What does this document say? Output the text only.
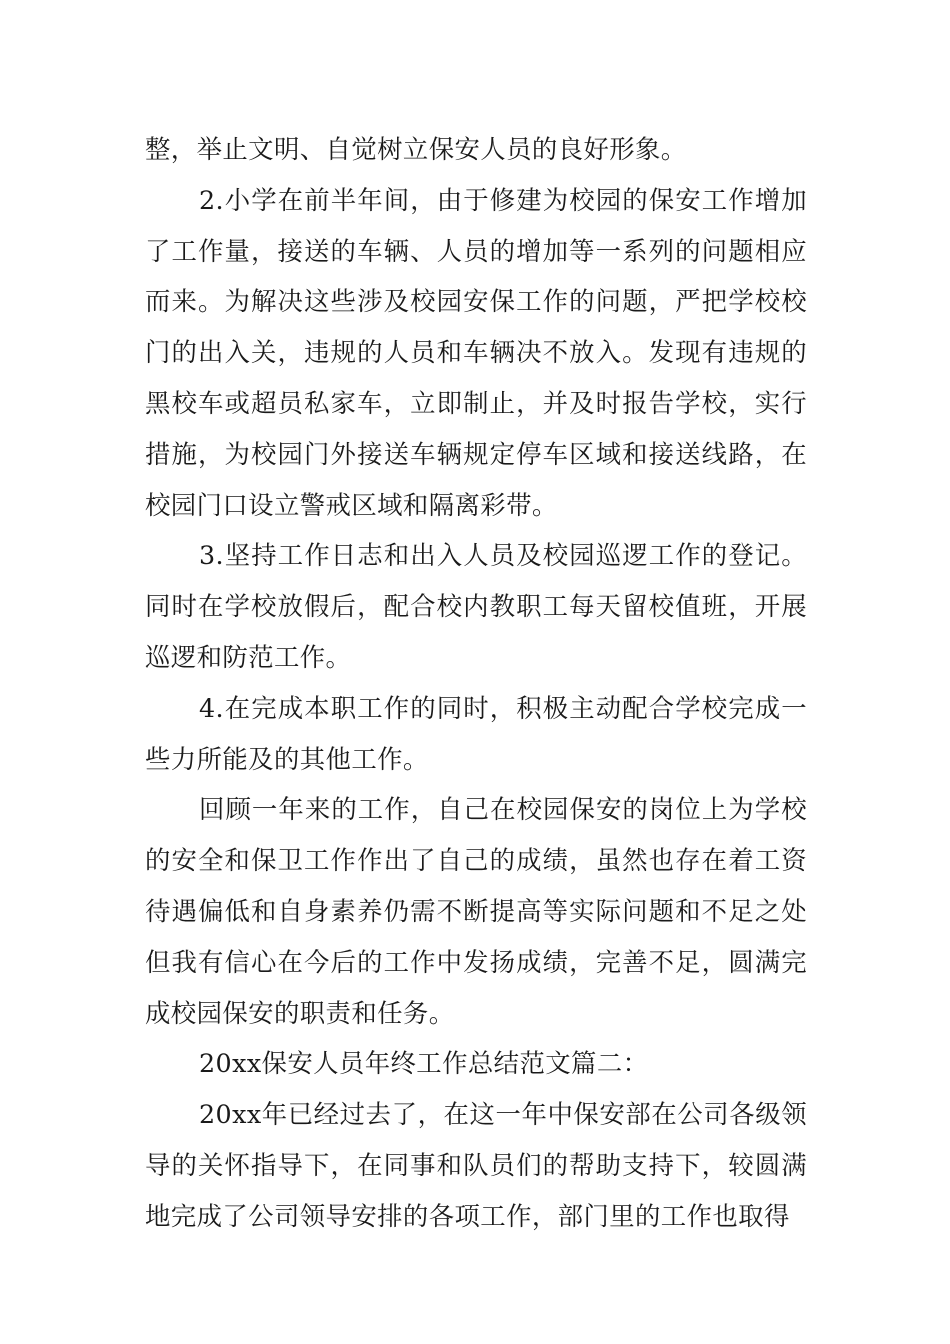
整，举止文明、自觉树立保安人员的良好形象。

2.小学在前半年间，由于修建为校园的保安工作增加了工作量，接送的车辆、人员的增加等一系列的问题相应而来。为解决这些涉及校园安保工作的问题，严把学校校门的出入关，违规的人员和车辆决不放入。发现有违规的黑校车或超员私家车，立即制止，并及时报告学校，实行措施，为校园门外接送车辆规定停车区域和接送线路，在校园门口设立警戒区域和隔离彩带。

3.坚持工作日志和出入人员及校园巡逻工作的登记。同时在学校放假后，配合校内教职工每天留校值班，开展巡逻和防范工作。

4.在完成本职工作的同时，积极主动配合学校完成一些力所能及的其他工作。

回顾一年来的工作，自己在校园保安的岗位上为学校的安全和保卫工作作出了自己的成绩，虽然也存在着工资待遇偏低和自身素养仍需不断提高等实际问题和不足之处但我有信心在今后的工作中发扬成绩，完善不足，圆满完成校园保安的职责和任务。

20xx保安人员年终工作总结范文篇二：

20xx年已经过去了，在这一年中保安部在公司各级领导的关怀指导下，在同事和队员们的帮助支持下，较圆满地完成了公司领导安排的各项工作，部门里的工作也取得
